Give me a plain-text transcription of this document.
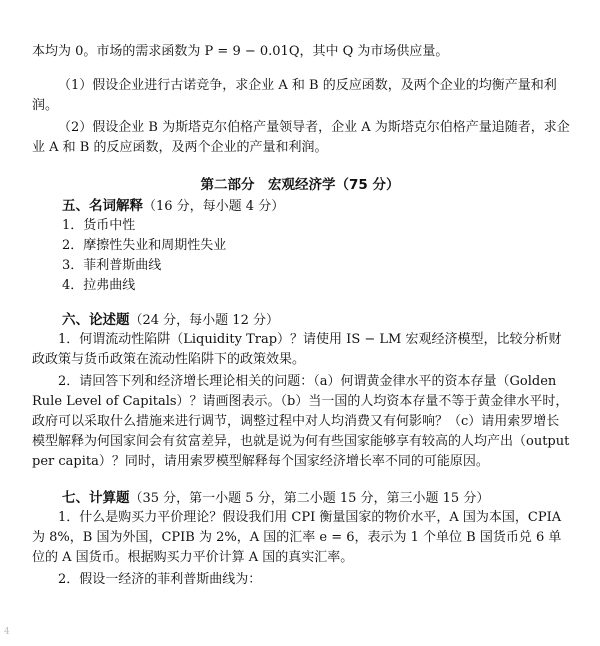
本均为 0。市场的需求函数为 P = 9 − 0.01Q，其中 Q 为市场供应量。

（1）假设企业进行古诺竞争，求企业 A 和 B 的反应函数，及两个企业的均衡产量和利润。

（2）假设企业 B 为斯塔克尔伯格产量领导者，企业 A 为斯塔克尔伯格产量追随者，求企业 A 和 B 的反应函数，及两个企业的产量和利润。

第二部分　宏观经济学（75 分）

五、名词解释（16 分，每小题 4 分）

1．货币中性
2．摩擦性失业和周期性失业
3．菲利普斯曲线
4．拉弗曲线

六、论述题（24 分，每小题 12 分）

1．何谓流动性陷阱（Liquidity Trap）？请使用 IS − LM 宏观经济模型，比较分析财政政策与货币政策在流动性陷阱下的政策效果。

2．请回答下列和经济增长理论相关的问题：（a）何谓黄金律水平的资本存量（Golden Rule Level of Capitals）？请画图表示。（b）当一国的人均资本存量不等于黄金律水平时，政府可以采取什么措施来进行调节，调整过程中对人均消费又有何影响？（c）请用索罗增长模型解释为何国家间会有贫富差异，也就是说为何有些国家能够享有较高的人均产出（output per capita）？同时，请用索罗模型解释每个国家经济增长率不同的可能原因。

七、计算题（35 分，第一小题 5 分，第二小题 15 分，第三小题 15 分）

1．什么是购买力平价理论？假设我们用 CPI 衡量国家的物价水平，A 国为本国，CPIA 为 8%，B 国为外国，CPIB 为 2%，A 国的汇率 e = 6，表示为 1 个单位 B 国货币兑 6 单位的 A 国货币。根据购买力平价计算 A 国的真实汇率。

2．假设一经济的菲利普斯曲线为：

4
